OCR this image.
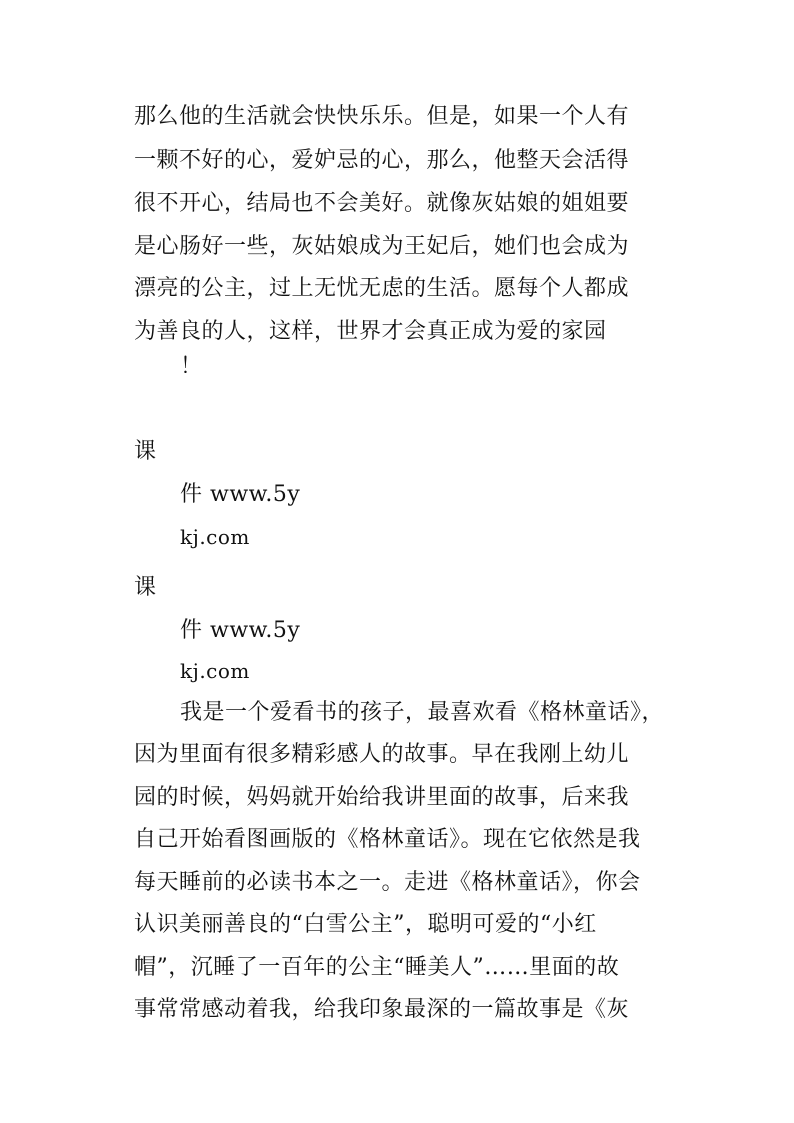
那么他的生活就会快快乐乐。但是，如果一个人有
一颗不好的心，爱妒忌的心，那么，他整天会活得
很不开心，结局也不会美好。就像灰姑娘的姐姐要
是心肠好一些，灰姑娘成为王妃后，她们也会成为
漂亮的公主，过上无忧无虑的生活。愿每个人都成
为善良的人，这样，世界才会真正成为爱的家园
！
课
件 www.5y
kj.com
课
件 www.5y
kj.com
我是一个爱看书的孩子，最喜欢看《格林童话》，
因为里面有很多精彩感人的故事。早在我刚上幼儿
园的时候，妈妈就开始给我讲里面的故事，后来我
自己开始看图画版的《格林童话》。现在它依然是我
每天睡前的必读书本之一。走进《格林童话》，你会
认识美丽善良的“白雪公主”，聪明可爱的“小红
帽”，沉睡了一百年的公主“睡美人”……里面的故
事常常感动着我，给我印象最深的一篇故事是《灰
